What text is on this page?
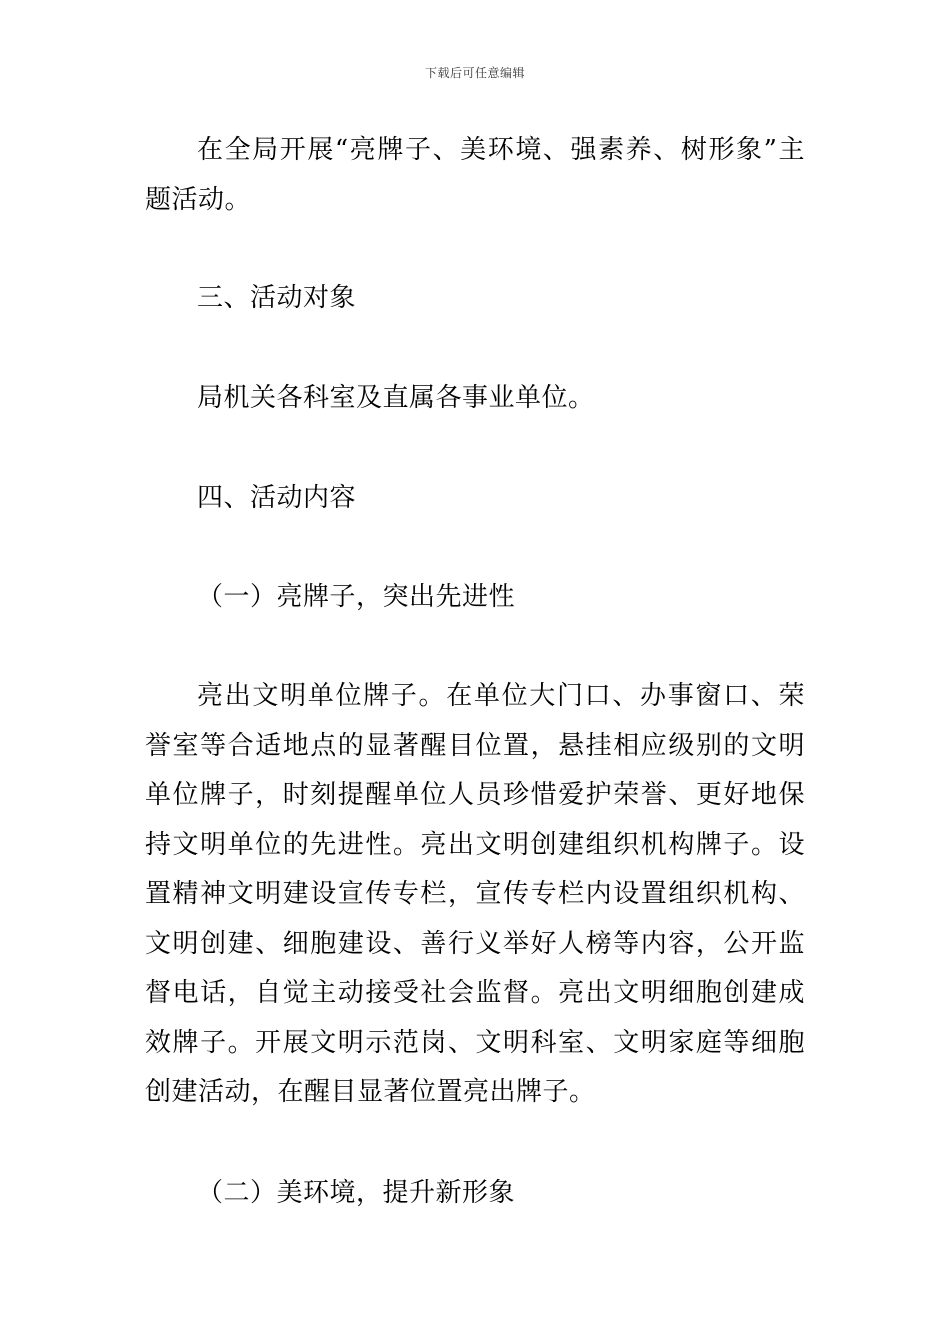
下载后可任意编辑

在全局开展“亮牌子、美环境、强素养、树形象”主题活动。

三、活动对象

局机关各科室及直属各事业单位。

四、活动内容

（一）亮牌子，突出先进性

亮出文明单位牌子。在单位大门口、办事窗口、荣誉室等合适地点的显著醒目位置，悬挂相应级别的文明单位牌子，时刻提醒单位人员珍惜爱护荣誉、更好地保持文明单位的先进性。亮出文明创建组织机构牌子。设置精神文明建设宣传专栏，宣传专栏内设置组织机构、文明创建、细胞建设、善行义举好人榜等内容，公开监督电话，自觉主动接受社会监督。亮出文明细胞创建成效牌子。开展文明示范岗、文明科室、文明家庭等细胞创建活动，在醒目显著位置亮出牌子。

（二）美环境，提升新形象
